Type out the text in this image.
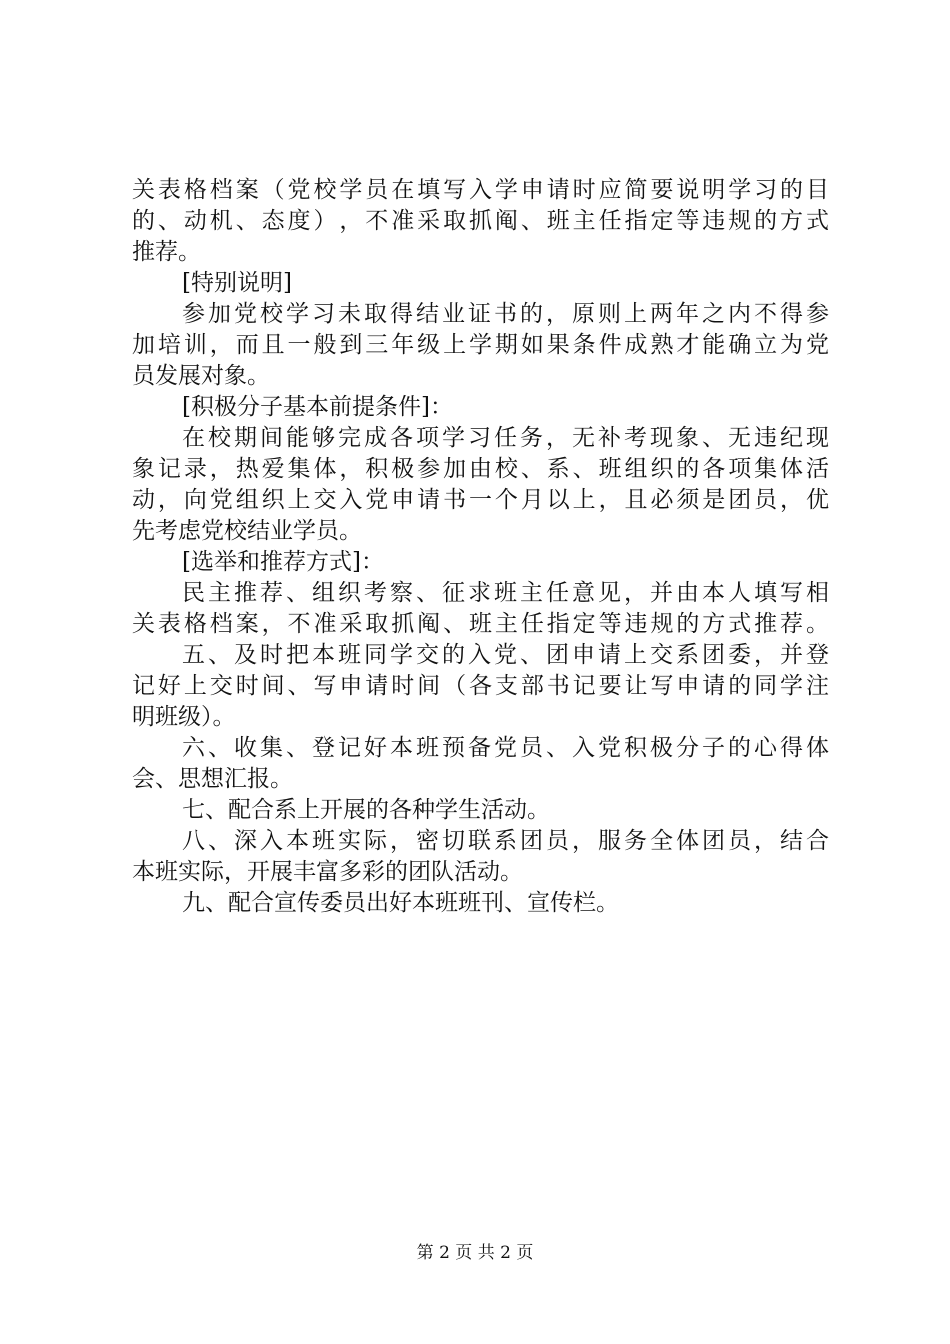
关 表 格 档 案 （ 党 校 学 员 在 填 写 入 学 申 请 时 应 简 要 说 明 学 习 的 目
的 、 动 机 、 态 度 ） ， 不 准 采 取 抓 阄 、 班 主 任 指 定 等 违 规 的 方 式
推荐。
[特别说明]
参 加 党 校 学 习 未 取 得 结 业 证 书 的 ， 原 则 上 两 年 之 内 不 得 参
加 培 训 ， 而 且 一 般 到 三 年 级 上 学 期 如 果 条 件 成 熟 才 能 确 立 为 党
员发展对象。
[积极分子基本前提条件]：
在 校 期 间 能 够 完 成 各 项 学 习 任 务 ， 无 补 考 现 象 、 无 违 纪 现
象 记 录 ， 热 爱 集 体 ， 积 极 参 加 由 校 、 系 、 班 组 织 的 各 项 集 体 活
动 ， 向 党 组 织 上 交 入 党 申 请 书 一 个 月 以 上 ， 且 必 须 是 团 员 ， 优
先考虑党校结业学员。
[选举和推荐方式]：
民 主 推 荐 、 组 织 考 察 、 征 求 班 主 任 意 见 ， 并 由 本 人 填 写 相
关 表 格 档 案 ， 不 准 采 取 抓 阄 、 班 主 任 指 定 等 违 规 的 方 式 推 荐 。
五 、 及 时 把 本 班 同 学 交 的 入 党 、 团 申 请 上 交 系 团 委 ， 并 登
记 好 上 交 时 间 、 写 申 请 时 间 （ 各 支 部 书 记 要 让 写 申 请 的 同 学 注
明班级）。
六 、 收 集 、 登 记 好 本 班 预 备 党 员 、 入 党 积 极 分 子 的 心 得 体
会、思想汇报。
七、配合系上开展的各种学生活动。
八 、 深 入 本 班 实 际 ， 密 切 联 系 团 员 ， 服 务 全 体 团 员 ， 结 合
本班实际，开展丰富多彩的团队活动。
九、配合宣传委员出好本班班刊、宣传栏。
第 2 页 共 2 页
